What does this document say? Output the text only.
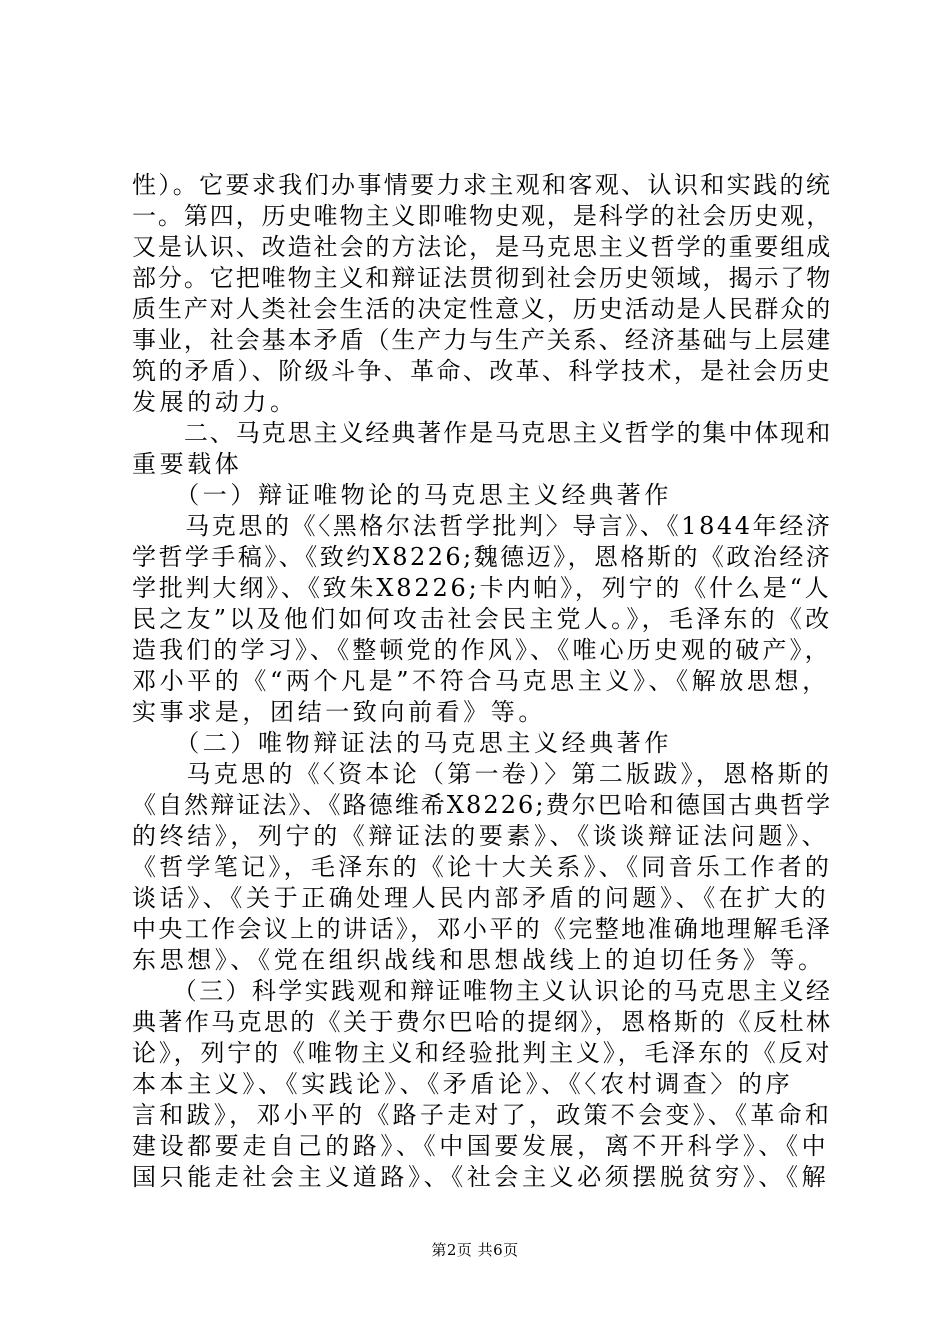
性）。它要求我们办事情要力求主观和客观、认识和实践的统
一。第四，历史唯物主义即唯物史观，是科学的社会历史观，
又是认识、改造社会的方法论，是马克思主义哲学的重要组成
部分。它把唯物主义和辩证法贯彻到社会历史领域，揭示了物
质生产对人类社会生活的决定性意义，历史活动是人民群众的
事业，社会基本矛盾（生产力与生产关系、经济基础与上层建
筑的矛盾）、阶级斗争、革命、改革、科学技术，是社会历史
发展的动力。
　　二、马克思主义经典著作是马克思主义哲学的集中体现和
重要载体
　　（一）辩证唯物论的马克思主义经典著作
　　马克思的《〈黑格尔法哲学批判〉导言》、《1844年经济
学哲学手稿》、《致约X8226;魏德迈》，恩格斯的《政治经济
学批判大纲》、《致朱X8226;卡内帕》，列宁的《什么是“人
民之友”以及他们如何攻击社会民主党人。》，毛泽东的《改
造我们的学习》、《整顿党的作风》、《唯心历史观的破产》，
邓小平的《“两个凡是”不符合马克思主义》、《解放思想，
实事求是，团结一致向前看》等。
　　（二）唯物辩证法的马克思主义经典著作
　　马克思的《〈资本论（第一卷）〉第二版跋》，恩格斯的
《自然辩证法》、《路德维希X8226;费尔巴哈和德国古典哲学
的终结》，列宁的《辩证法的要素》、《谈谈辩证法问题》、
《哲学笔记》，毛泽东的《论十大关系》、《同音乐工作者的
谈话》、《关于正确处理人民内部矛盾的问题》、《在扩大的
中央工作会议上的讲话》，邓小平的《完整地准确地理解毛泽
东思想》、《党在组织战线和思想战线上的迫切任务》等。
　　（三）科学实践观和辩证唯物主义认识论的马克思主义经
典著作马克思的《关于费尔巴哈的提纲》，恩格斯的《反杜林
论》，列宁的《唯物主义和经验批判主义》，毛泽东的《反对
本本主义》、《实践论》、《矛盾论》、《〈农村调查〉的序
言和跋》，邓小平的《路子走对了，政策不会变》、《革命和
建设都要走自己的路》、《中国要发展，离不开科学》、《中
国只能走社会主义道路》、《社会主义必须摆脱贫穷》、《解
第2页 共6页
